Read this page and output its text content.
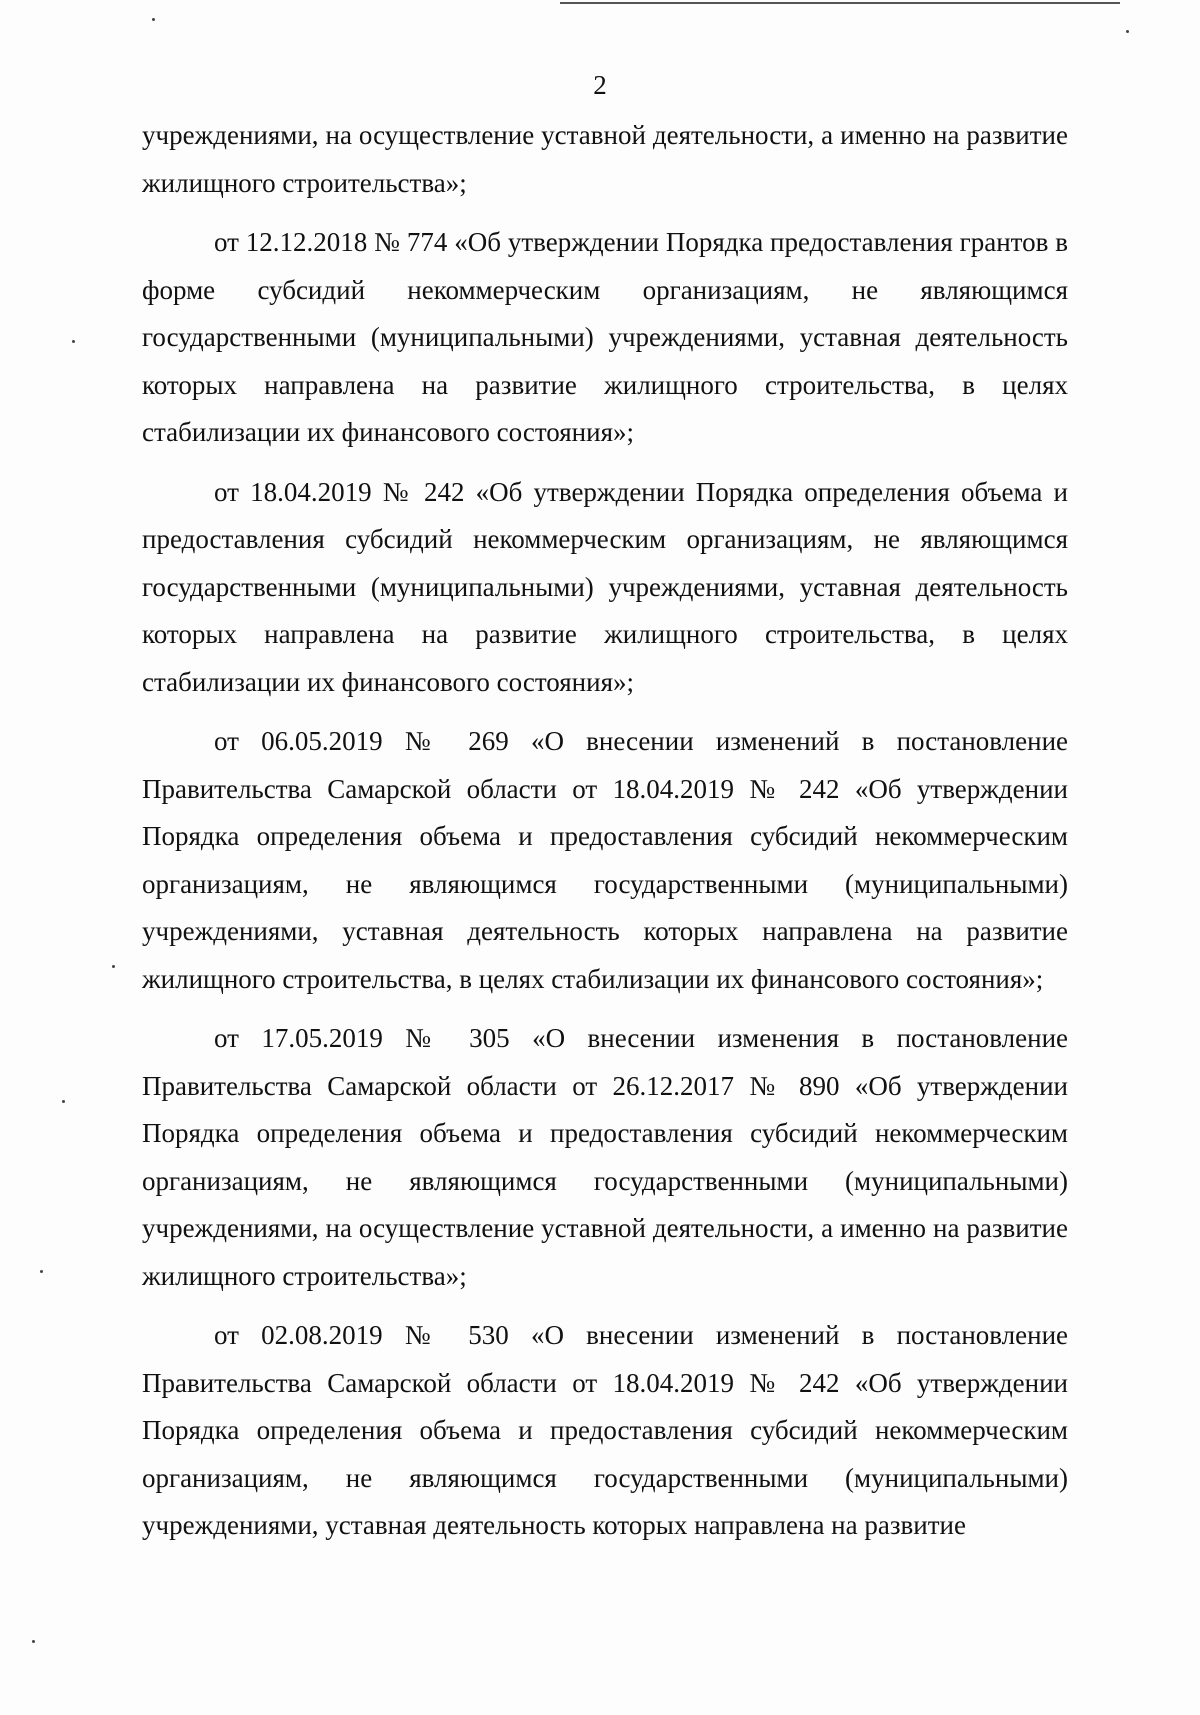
2

учреждениями, на осуществление уставной деятельности, а именно на развитие жилищного строительства»;

от 12.12.2018 № 774 «Об утверждении Порядка предоставления грантов в форме субсидий некоммерческим организациям, не являющимся государственными (муниципальными) учреждениями, уставная деятельность которых направлена на развитие жилищного строительства, в целях стабилизации их финансового состояния»;

от 18.04.2019 № 242 «Об утверждении Порядка определения объема и предоставления субсидий некоммерческим организациям, не являющимся государственными (муниципальными) учреждениями, уставная деятельность которых направлена на развитие жилищного строительства, в целях стабилизации их финансового состояния»;

от 06.05.2019 № 269 «О внесении изменений в постановление Правительства Самарской области от 18.04.2019 № 242 «Об утверждении Порядка определения объема и предоставления субсидий некоммерческим организациям, не являющимся государственными (муниципальными) учреждениями, уставная деятельность которых направлена на развитие жилищного строительства, в целях стабилизации их финансового состояния»;

от 17.05.2019 № 305 «О внесении изменения в постановление Правительства Самарской области от 26.12.2017 № 890 «Об утверждении Порядка определения объема и предоставления субсидий некоммерческим организациям, не являющимся государственными (муниципальными) учреждениями, на осуществление уставной деятельности, а именно на развитие жилищного строительства»;

от 02.08.2019 № 530 «О внесении изменений в постановление Правительства Самарской области от 18.04.2019 № 242 «Об утверждении Порядка определения объема и предоставления субсидий некоммерческим организациям, не являющимся государственными (муниципальными) учреждениями, уставная деятельность которых направлена на развитие
